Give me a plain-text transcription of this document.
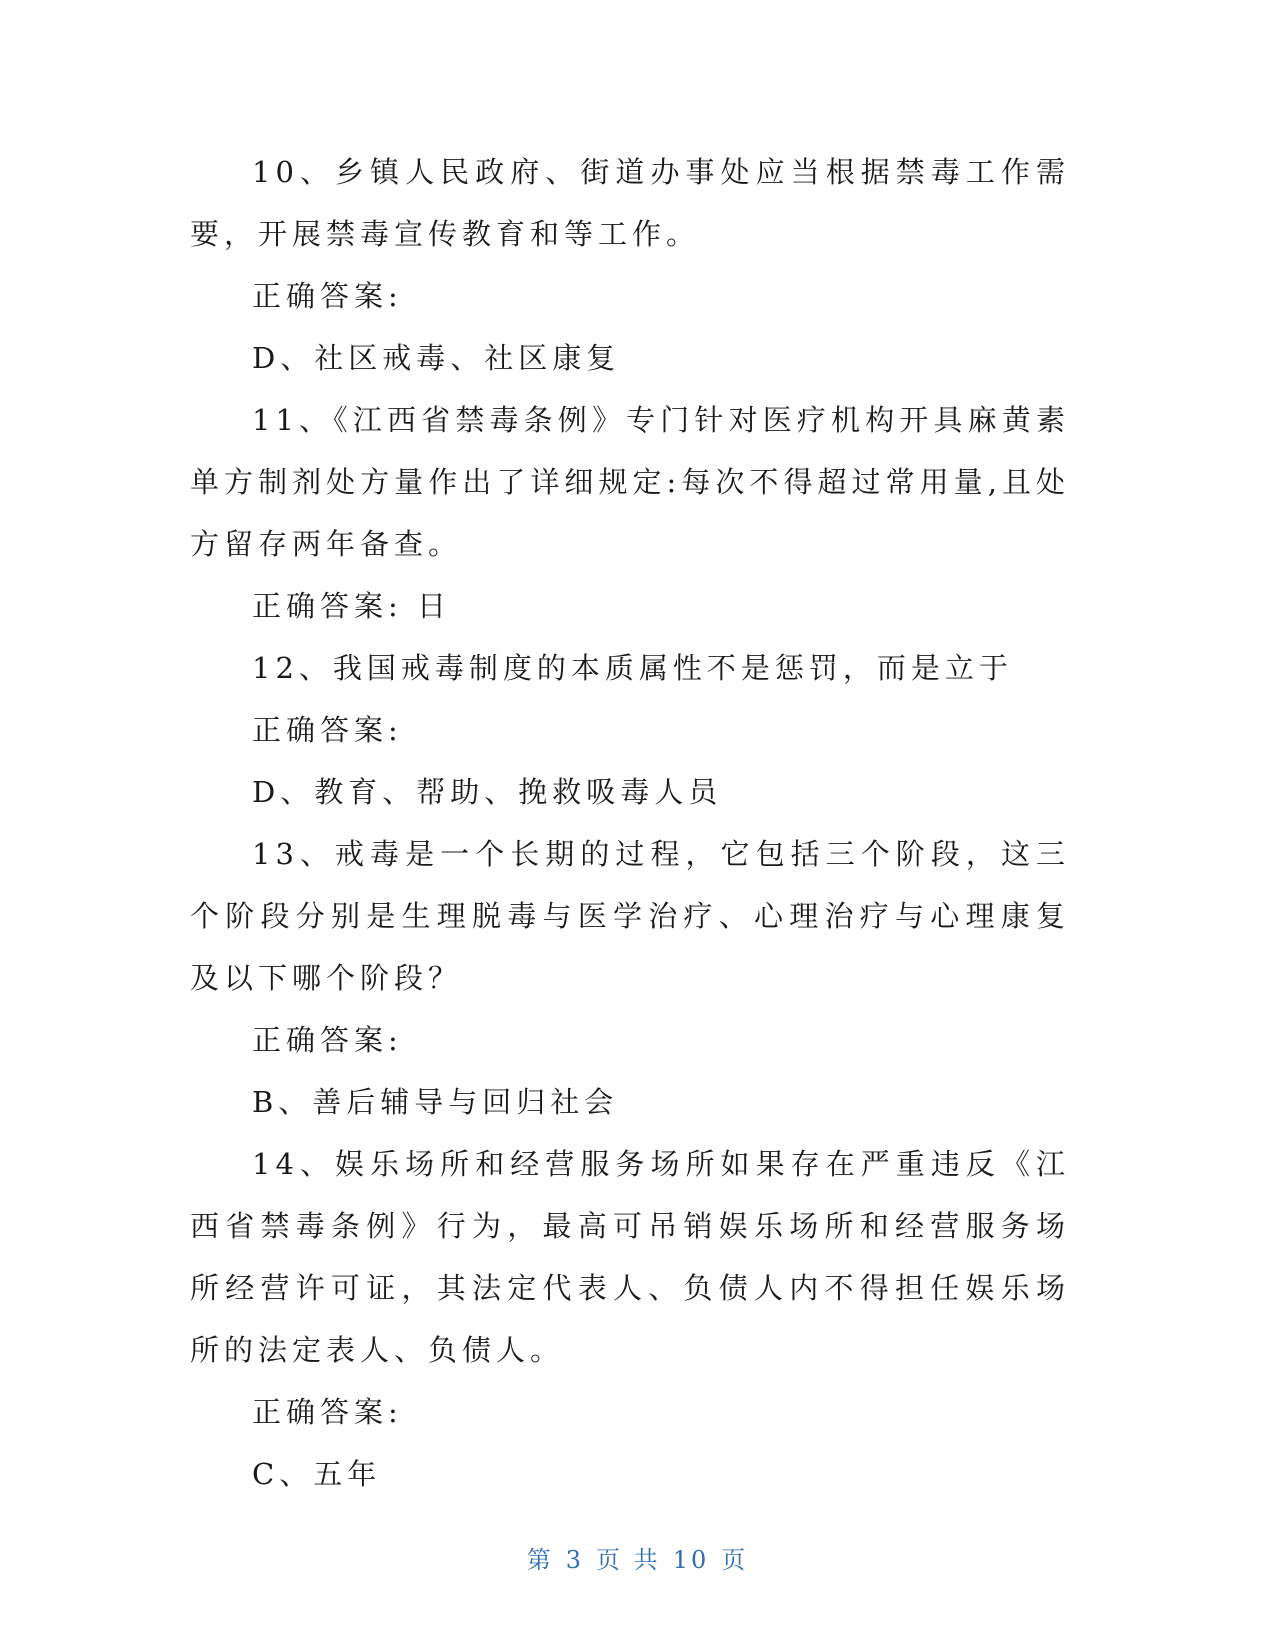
10、乡镇人民政府、街道办事处应当根据禁毒工作需要，开展禁毒宣传教育和等工作。

正确答案:

D、社区戒毒、社区康复

11、《江西省禁毒条例》专门针对医疗机构开具麻黄素单方制剂处方量作出了详细规定:每次不得超过常用量,且处方留存两年备查。

正确答案: 日

12、我国戒毒制度的本质属性不是惩罚，而是立于

正确答案:

D、教育、帮助、挽救吸毒人员

13、戒毒是一个长期的过程，它包括三个阶段，这三个阶段分别是生理脱毒与医学治疗、心理治疗与心理康复及以下哪个阶段？

正确答案:

B、善后辅导与回归社会

14、娱乐场所和经营服务场所如果存在严重违反《江西省禁毒条例》行为，最高可吊销娱乐场所和经营服务场所经营许可证，其法定代表人、负债人内不得担任娱乐场所的法定表人、负债人。

正确答案:

C、五年

第 3 页 共 10 页
